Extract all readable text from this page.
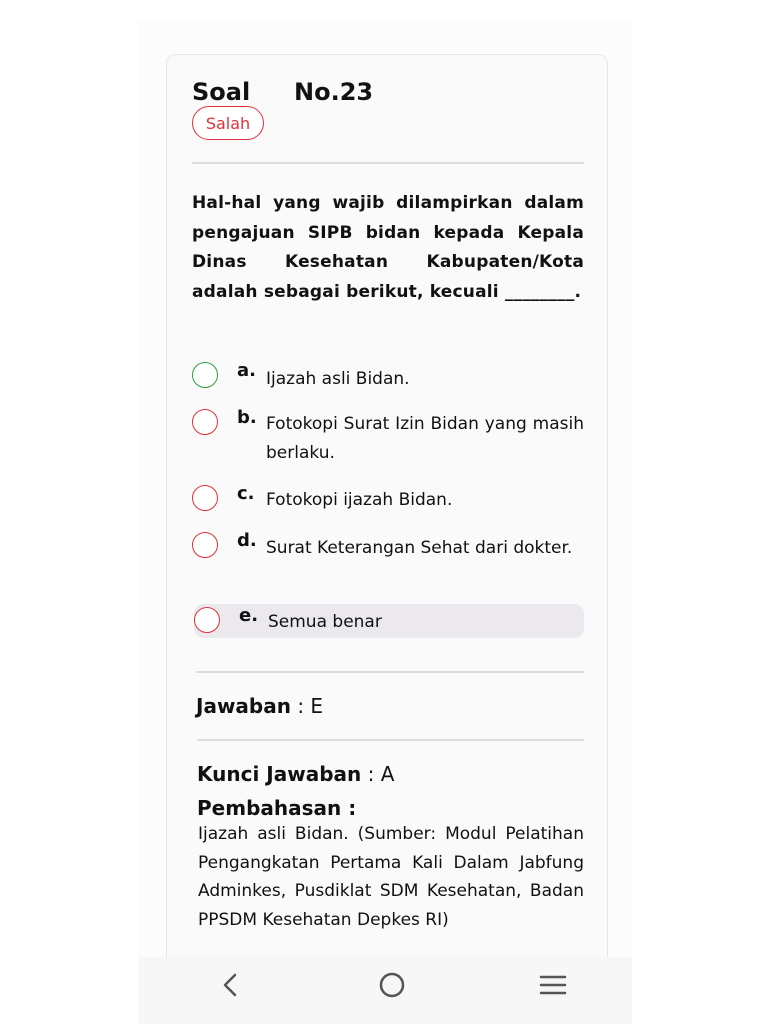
Soal No.23
Salah
Hal-hal yang wajib dilampirkan dalam pengajuan SIPB bidan kepada Kepala Dinas Kesehatan Kabupaten/Kota adalah sebagai berikut, kecuali ________.
a. Ijazah asli Bidan.
b. Fotokopi Surat Izin Bidan yang masih berlaku.
c. Fotokopi ijazah Bidan.
d. Surat Keterangan Sehat dari dokter.
e. Semua benar
Jawaban : E
Kunci Jawaban : A
Pembahasan :
Ijazah asli Bidan. (Sumber: Modul Pelatihan Pengangkatan Pertama Kali Dalam Jabfung Adminkes, Pusdiklat SDM Kesehatan, Badan PPSDM Kesehatan Depkes RI)
